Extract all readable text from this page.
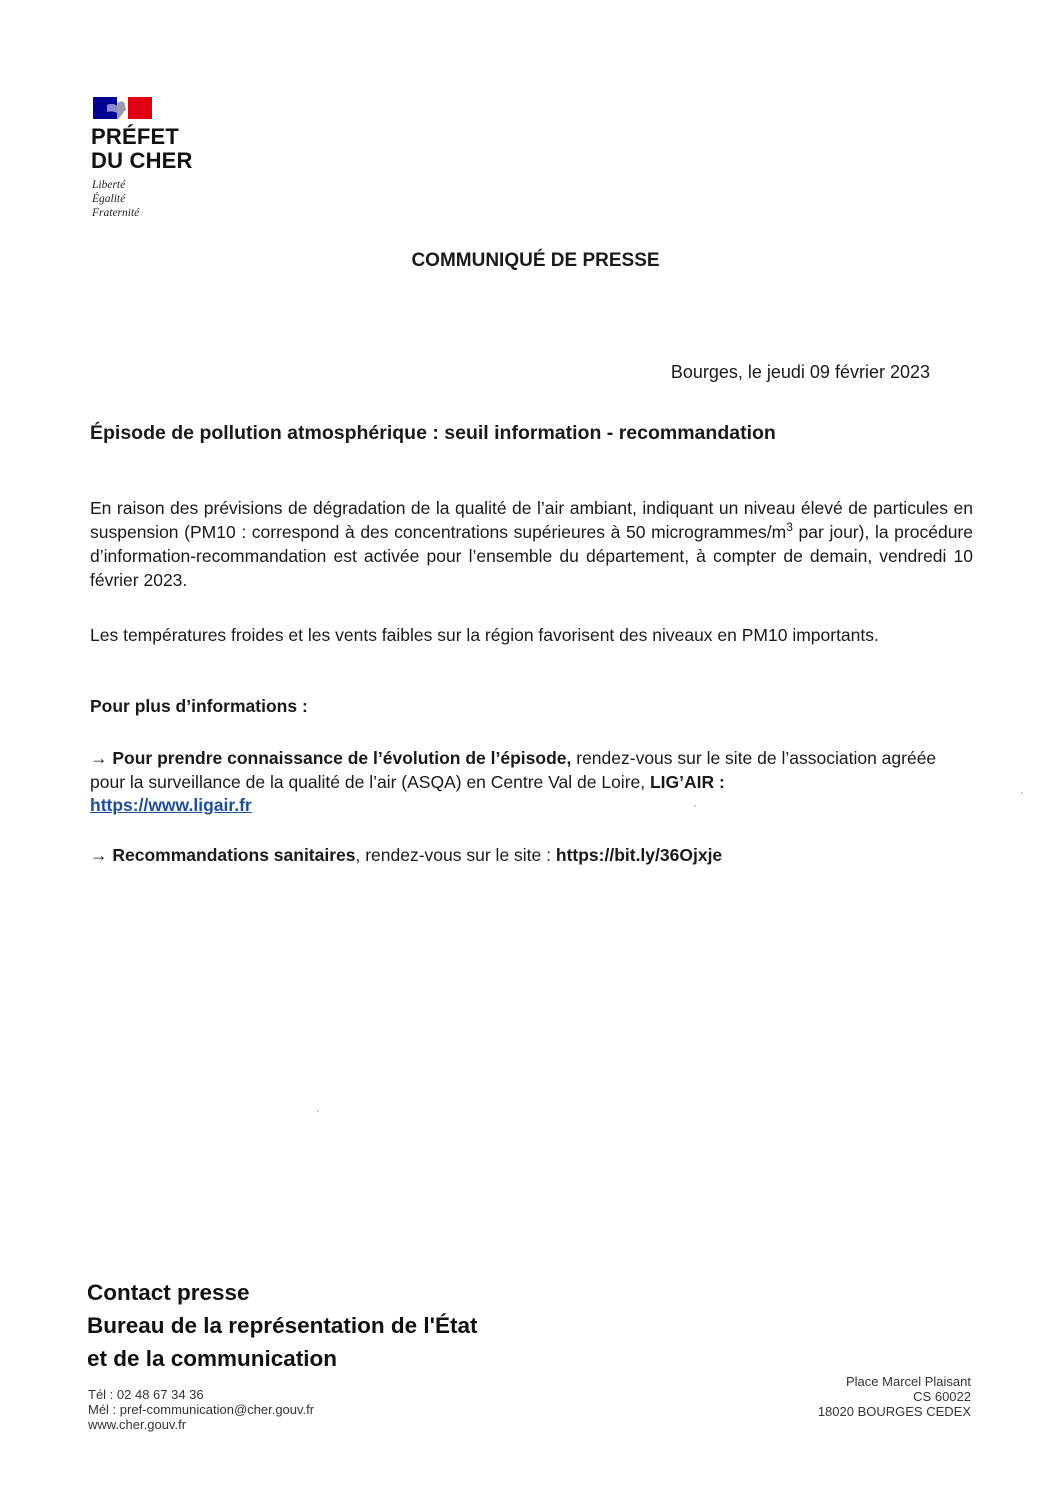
PRÉFET
DU CHER
Liberté
Égalité
Fraternité
COMMUNIQUÉ DE PRESSE
Bourges, le jeudi 09 février 2023
Épisode de pollution atmosphérique : seuil information - recommandation
En raison des prévisions de dégradation de la qualité de l’air ambiant, indiquant un niveau élevé de particules en suspension (PM10 : correspond à des concentrations supérieures à 50 microgrammes/$m^3$ par jour), la procédure d’information-recommandation est activée pour l’ensemble du département, à compter de demain, vendredi 10 février 2023.
Les températures froides et les vents faibles sur la région favorisent des niveaux en PM10 importants.
Pour plus d’informations :
→ Pour prendre connaissance de l’évolution de l’épisode, rendez-vous sur le site de l’association agréée pour la surveillance de la qualité de l’air (ASQA) en Centre Val de Loire, LIG’AIR :
https://www.ligair.fr
→ Recommandations sanitaires, rendez-vous sur le site : https://bit.ly/36Ojxje
Contact presse
Bureau de la représentation de l'État
et de la communication
Tél : 02 48 67 34 36
Mél : pref-communication@cher.gouv.fr
www.cher.gouv.fr
Place Marcel Plaisant
CS 60022
18020 BOURGES CEDEX
